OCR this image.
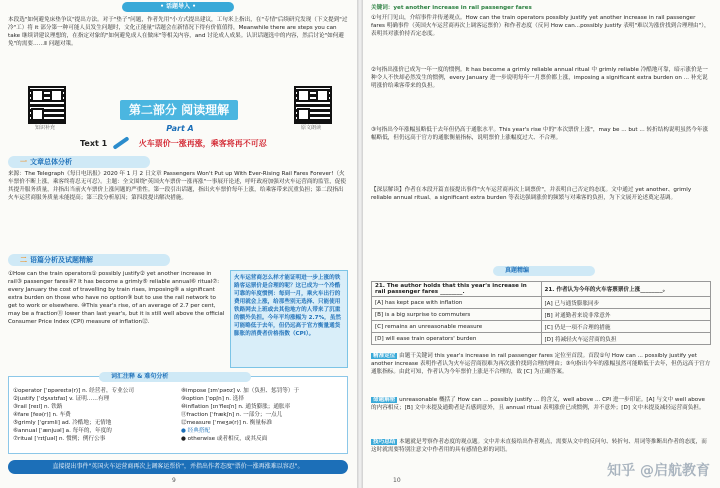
• 话题导入 •
本段选"如何避免床垫争议"提出方法。对于"垫子"问题，作者先用"小方式提出建议，工句米上指出，在"专情"后续研究发现（下文提到"过冷"工）将 it 部分第一种可能人员发生问题时，文化正能量"话题会在新情况下得有价值值得，Meanwhile there are steps you can take 继续讲建议理想的，在指定对象的"如何避免成人在做床"等相关内容，and 讨论成人成果。认识话题选中的内容，然后讨论"如何避免"的需要……Ⅱ 问题对策。
知识补充	原文朗读
第二部分 阅读理解
Part A
Text 1	火车票价一涨再涨，乘客将再不可忍
一 文章总体分析
来源：The Telegraph《每日电讯报》2020 年 1 月 2 日文章 Passengers Won't Put up With Ever-Rising Rail Fares Forever!（火车票价不断上涨，乘客终将忍无可忍）。主题：全文围绕"英国火车票价一涨再涨"一事展开论述，呼吁政府加强对火车运营商的监管，促使其提升服务质量，并指出当前火车票价上涨问题的严重性。第一段引出话题，指出火车票价每年上涨，给乘客带来沉重负担；第二段指出火车运营商服务质量未能提高；第三段分析原因；第四段提出解决措施。
二 语篇分析及试题精解
①How can the train operators① possibly justify② yet another increase in rail③ passenger fares④? It has become a grimly⑤ reliable annual⑥ ritual⑦: every January the cost of travelling by train rises, imposing⑧ a significant extra burden on those who have no option⑨ but to use the rail network to get to work or elsewhere. ⑩This year's rise, of an average of 2.7 per cent, may be a fraction⑪ lower than last year's, but it is still well above the official Consumer Price Index (CPI) measure of inflation⑫.
火车运营商怎么样才能证明进一步上涨的铁路客运票价是合理的呢？这已成为一个冷酷可靠的年度惯例：每到一月，乘火车出行的费用就会上涨，给那些别无选择、只能使用铁路网去上班或去其他地方的人带来了沉重的额外负担。今年平均涨幅为 2.7%，虽然可能略低于去年，但仍远高于官方衡量通货膨胀的消费者价格指数（CPI）。
词汇注释 & 难句分析
①operator [ˈɒpəreɪtə(r)] n. 经营者，专业公司
②justify [ˈdʒʌstɪfaɪ] v. 证明……有理
③rail [reɪl] n. 铁路
④fare [feə(r)] n. 车费
⑤grimly [ˈɡrɪmli] ad. 冷酷地；无情地
⑥annual [ˈænjuəl] a. 每年的，年度的
⑦ritual [ˈrɪtʃuəl] n. 惯例；例行公事
⑧impose [ɪmˈpəʊz] v. 加（负担、惩罚等）于
⑨option [ˈɒpʃn] n. 选择
⑩inflation [ɪnˈfleɪʃn] n. 通货膨胀；通胀率
⑪fraction [ˈfrækʃn] n. 一部分；一点儿
⑫measure [ˈmeʒə(r)] n. 衡量标准
● 经典搭配
● otherwise 或者相反，或其反面
直接提出事件"英国火车运营商再次上调客运票价"，并指出作者态度"票价一涨再涨难以容忍"。
9
关键词：yet another increase in rail passenger fares
①句开门见山，介绍事件并传递观点。How can the train operators possibly justify yet another increase in rail passenger fares 明确事件（英国火车运营商再次上调客运票价）和作者态度（反问 How can...possibly justify 表明"难以为涨价找到合理理由"），表明其对涨价持否定态度。
②句指出涨价已成为一年一度的惯例。It has become a grimly reliable annual ritual 中 grimly reliable 冷酷地可靠，暗示涨价是一种令人不快却必然发生的惯例，every January 进一步说明每年一月票价都上涨，imposing a significant extra burden on ... 补充说明涨价给乘客带来的负担。
③句指出今年涨幅虽略低于去年但仍高于通胀水平。This year's rise 中的"本次票价上涨"，may be ... but ... 转折结构说明虽然今年涨幅略低，但仍远高于官方的通胀衡量指标，说明票价上涨幅度过大、不合理。
【深层解读】作者在本段开篇直接提出事件"火车运营商再次上调票价"，并表明自己否定的态度。文中通过 yet another、grimly reliable annual ritual、a significant extra burden 等表达强调涨价的频繁与对乘客的负担，为下文展开论述奠定基调。
真题精编
21. The author holds that this year's increase in rail passenger fares ________.	21. 作者认为今年的火车客票票价上涨________。
[A] has kept pace with inflation	[A] 已与通货膨胀同步
[B] is a big surprise to commuters	[B] 对通勤者来说非常意外
[C] remains an unreasonable measure	[C] 仍是一项不合理的措施
[D] will ease train operators' burden	[D] 将减轻火车运营商的负担
精准定位 由题干关键词 this year's increase in rail passenger fares 定位至首段。首段①句 How can ... possibly justify yet another increase 表明作者认为火车运营商很难为再次涨价找到合理的理由；③句指出今年的涨幅虽然可能略低于去年，但仍远高于官方通胀指标。由此可知，作者认为今年票价上涨是不合理的，故 [C] 为正确答案。
命题解密 unreasonable 概括了 How can ... possibly justify ... 的含义，well above ... CPI 进一步印证。[A] 与文中 well above 的内容相反；[B] 文中未提及通勤者是否感到意外，且 annual ritual 表明涨价已成惯例，并不意外；[D] 文中未提及减轻运营商负担。
技巧总结 本题就是考察作者态度的观点题。文中并未直接给出作者观点，需要从文中的反问句、转折句、用词等推断出作者的态度，而这时就需要特别注意文中作者用的具有感情色彩的词语。
知乎 @启航教育
10
